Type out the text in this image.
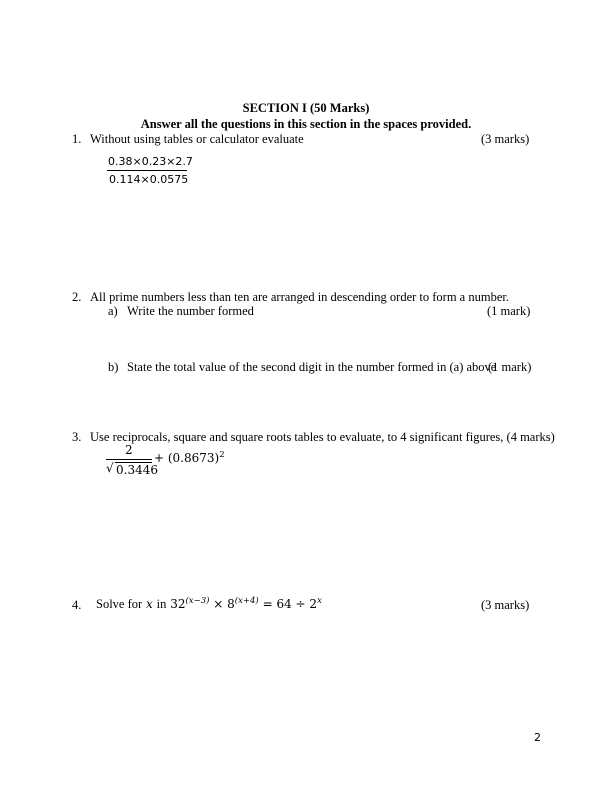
SECTION I (50 Marks)
Answer all the questions in this section in the spaces provided.
1. Without using tables or calculator evaluate	(3 marks)
0.38×0.23×2.7
0.114×0.0575
2. All prime numbers less than ten are arranged in descending order to form a number.
a) Write the number formed	(1 mark)
b) State the total value of the second digit in the number formed in (a) above
(1 mark)
3. Use reciprocals, square and square roots tables to evaluate, to 4 significant figures, (4 marks)
2
√ 0.3446
+ $(0.8673)^2$
4. Solve for x in $32^{(x-3)} \times 8^{(x+4)} = 64 \div 2^x$	(3 marks)
2
